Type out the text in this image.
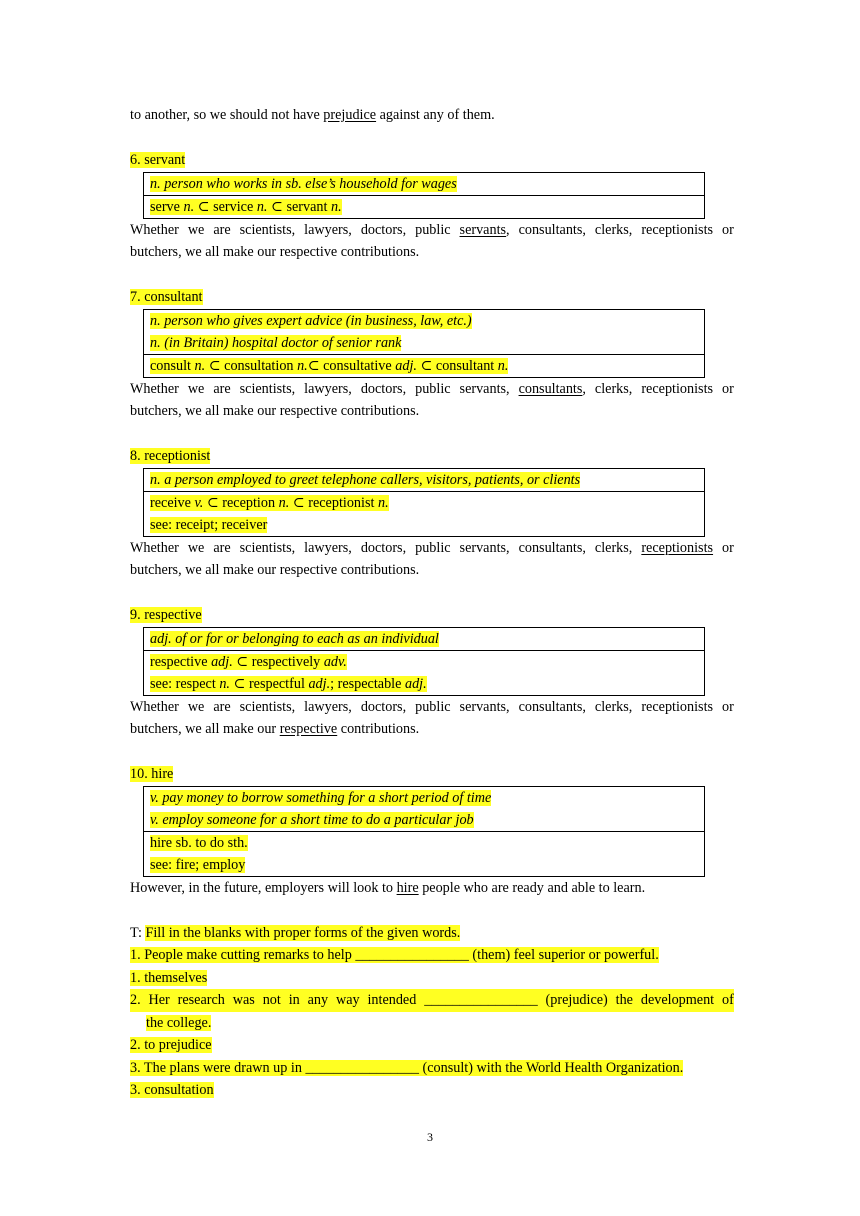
to another, so we should not have prejudice against any of them.
6. servant
n. person who works in sb. else’s household for wages
serve n. ⊂ service n. ⊂ servant n.
Whether we are scientists, lawyers, doctors, public servants, consultants, clerks, receptionists or
butchers, we all make our respective contributions.
7. consultant
n. person who gives expert advice (in business, law, etc.)
n. (in Britain) hospital doctor of senior rank
consult n. ⊂ consultation n.⊂ consultative adj. ⊂ consultant n.
Whether we are scientists, lawyers, doctors, public servants, consultants, clerks, receptionists or
butchers, we all make our respective contributions.
8. receptionist
n. a person employed to greet telephone callers, visitors, patients, or clients
receive v. ⊂ reception n. ⊂ receptionist n.
see: receipt; receiver
Whether we are scientists, lawyers, doctors, public servants, consultants, clerks, receptionists or
butchers, we all make our respective contributions.
9. respective
adj. of or for or belonging to each as an individual
respective adj. ⊂ respectively adv.
see: respect n. ⊂ respectful adj.; respectable adj.
Whether we are scientists, lawyers, doctors, public servants, consultants, clerks, receptionists or
butchers, we all make our respective contributions.
10. hire
v. pay money to borrow something for a short period of time
v. employ someone for a short time to do a particular job
hire sb. to do sth.
see: fire; employ
However, in the future, employers will look to hire people who are ready and able to learn.
T: Fill in the blanks with proper forms of the given words.
1. People make cutting remarks to help ________________ (them) feel superior or powerful.
1. themselves
2. Her research was not in any way intended ________________ (prejudice) the development of
the college.
2. to prejudice
3. The plans were drawn up in ________________ (consult) with the World Health Organization.
3. consultation
3
